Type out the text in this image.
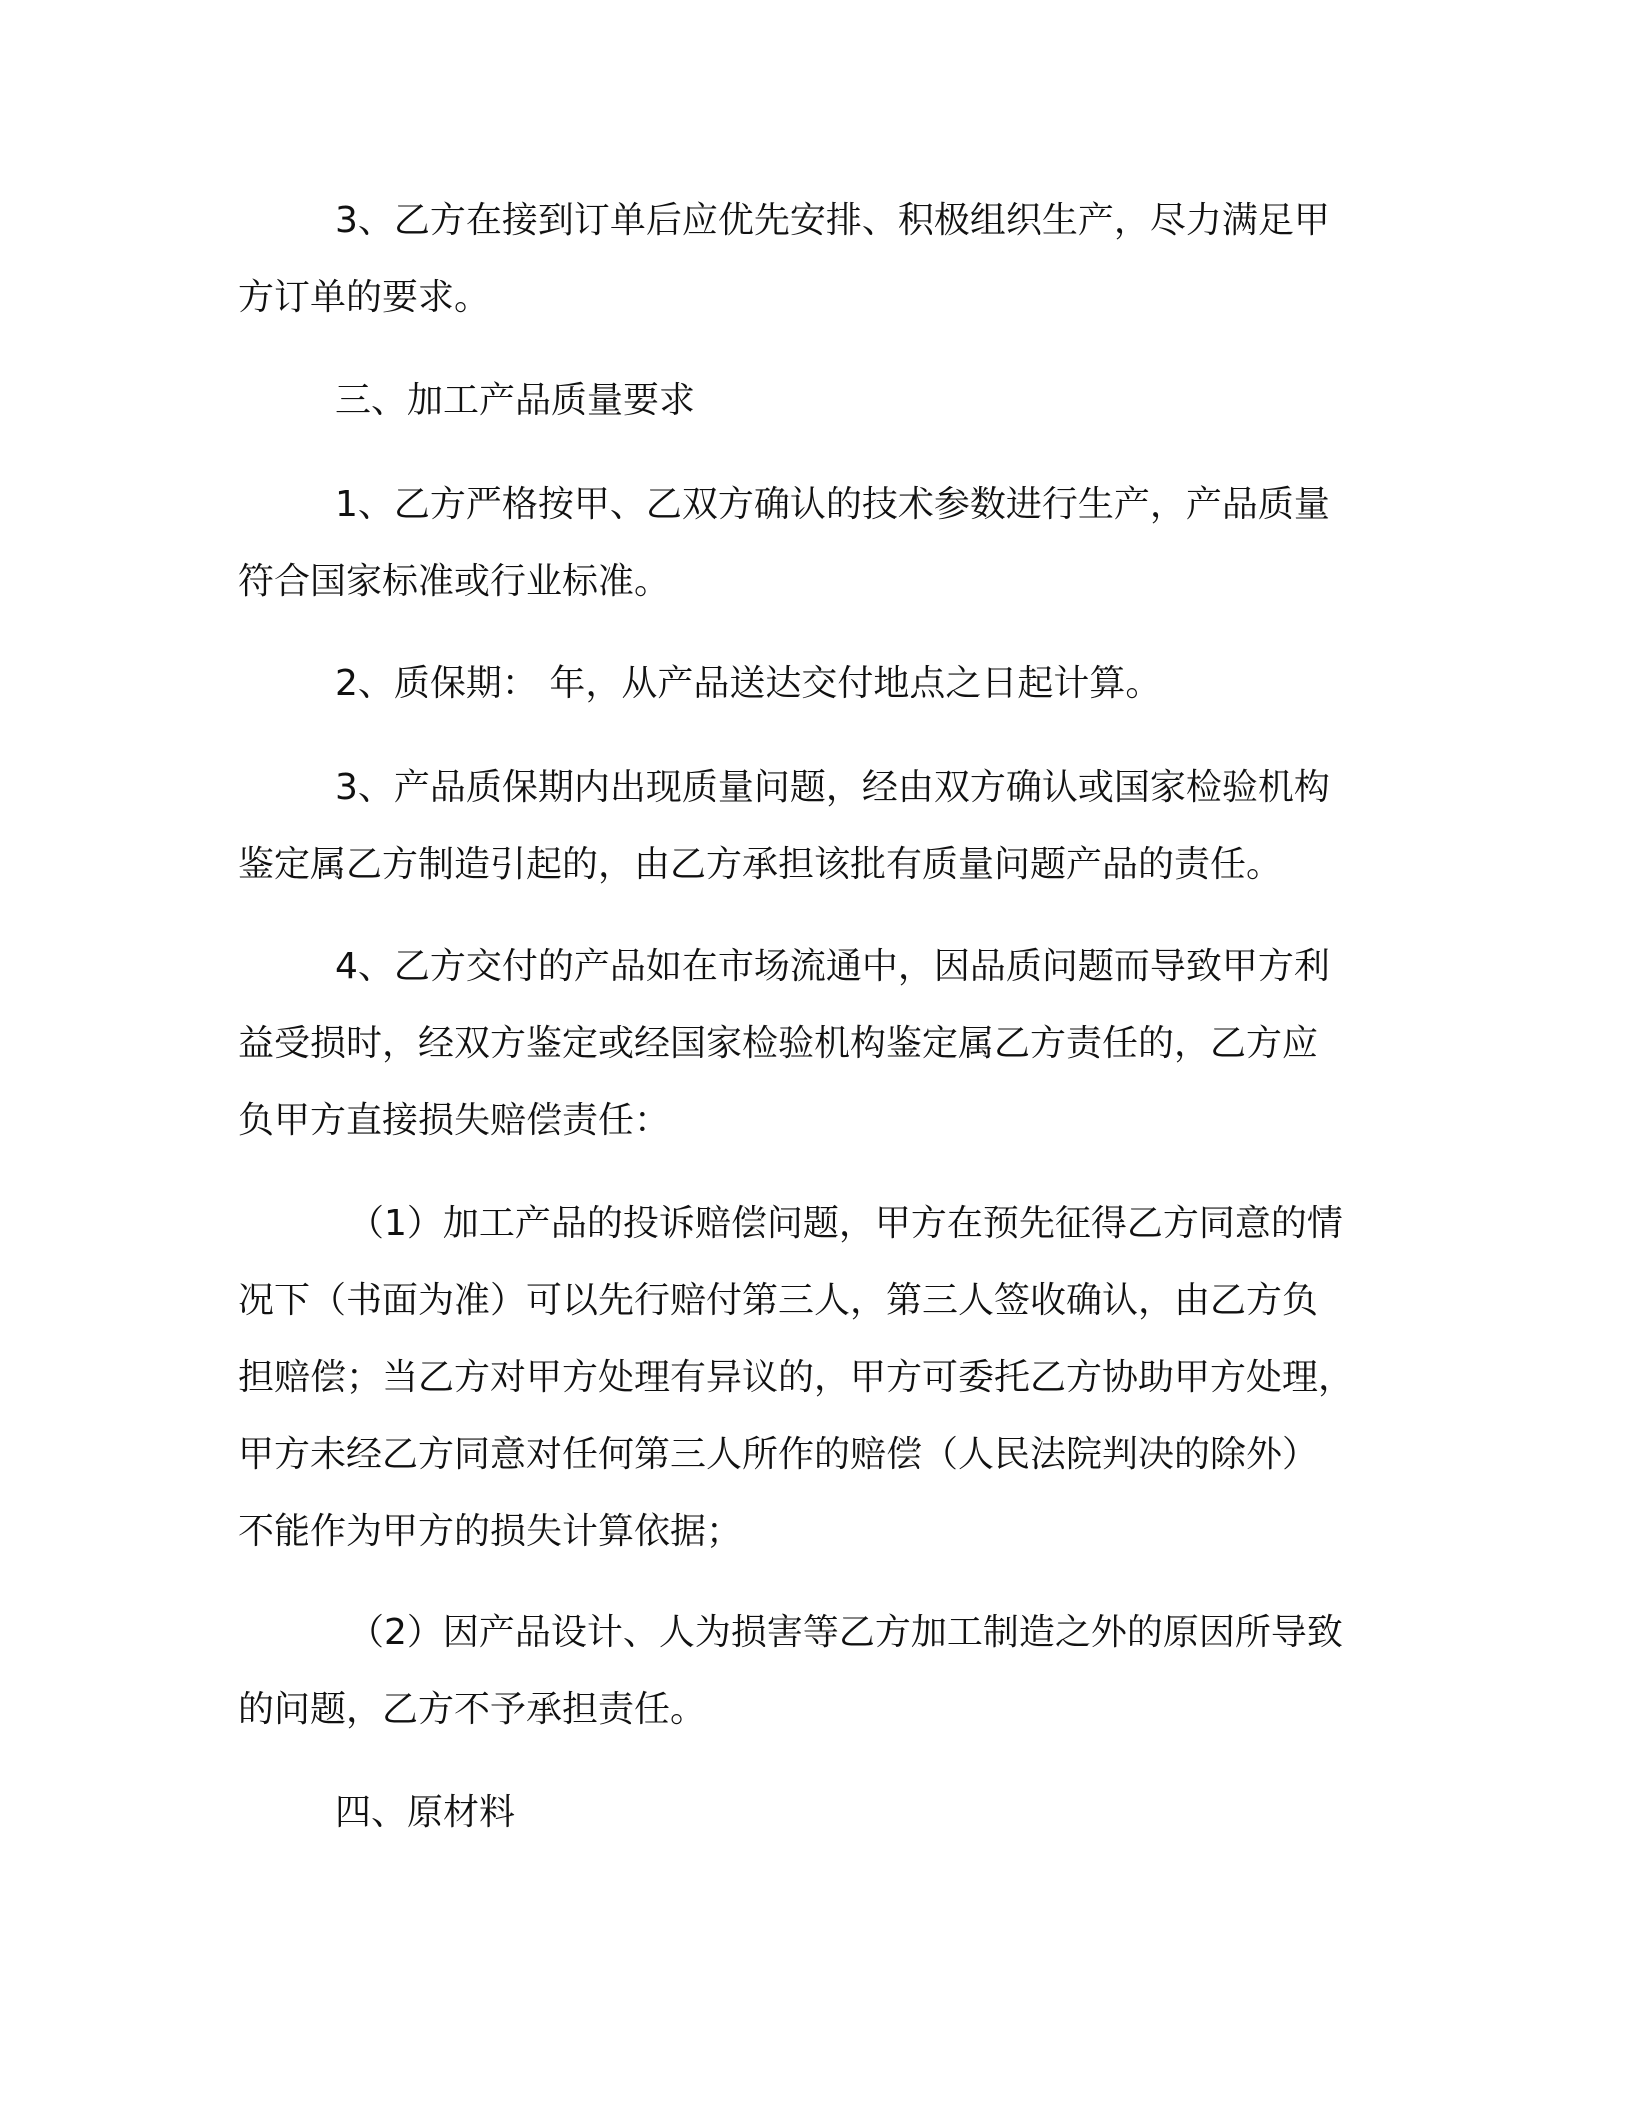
3、乙方在接到订单后应优先安排、积极组织生产，尽力满足甲
方订单的要求。
三、加工产品质量要求
1、乙方严格按甲、乙双方确认的技术参数进行生产，产品质量
符合国家标准或行业标准。
2、质保期： 年，从产品送达交付地点之日起计算。
3、产品质保期内出现质量问题，经由双方确认或国家检验机构
鉴定属乙方制造引起的，由乙方承担该批有质量问题产品的责任。
4、乙方交付的产品如在市场流通中，因品质问题而导致甲方利
益受损时，经双方鉴定或经国家检验机构鉴定属乙方责任的，乙方应
负甲方直接损失赔偿责任：
（1）加工产品的投诉赔偿问题，甲方在预先征得乙方同意的情
况下（书面为准）可以先行赔付第三人，第三人签收确认，由乙方负
担赔偿；当乙方对甲方处理有异议的，甲方可委托乙方协助甲方处理，
甲方未经乙方同意对任何第三人所作的赔偿（人民法院判决的除外）
不能作为甲方的损失计算依据；
（2）因产品设计、人为损害等乙方加工制造之外的原因所导致
的问题，乙方不予承担责任。
四、原材料
